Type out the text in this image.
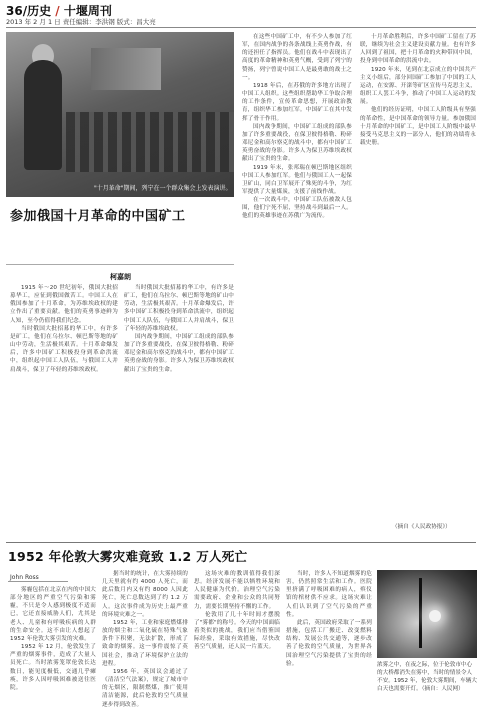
36/历史 / 十堰周刊
2013 年 2 月 1 日 责任编辑：李洪钢 版式：昌大亮
"十月革命"期间，列宁在一个群众集会上发表演讲。
参加俄国十月革命的中国矿工
柯嘉朗

1915 年～20 世纪初年，俄国大批招募华工，应征到俄国做苦工。中国工人在俄国参加了十月革命，为苏维埃政权的建立作出了重要贡献。他们的英勇事迹鲜为人知，至今仍值得我们纪念。

当时俄国大批招募的华工中，有许多是矿工，他们在乌拉尔、顿巴斯等地的矿山中劳动，生活极其艰苦。十月革命爆发后，许多中国矿工积极投身到革命洪流中，组织起中国工人队伍，与俄国工人并肩战斗，保卫了年轻的苏维埃政权。

当时俄国大批招募的华工中，有许多是矿工，他们在乌拉尔、顿巴斯等地的矿山中劳动，生活极其艰苦。十月革命爆发后，许多中国矿工积极投身到革命洪流中，组织起中国工人队伍，与俄国工人并肩战斗，保卫了年轻的苏维埃政权。

国内战争期间，中国矿工组成的部队参加了许多重要战役，在保卫彼得格勒、粉碎邓尼金和高尔察克的战斗中，都有中国矿工英勇奋战的身影。许多人为保卫苏维埃政权献出了宝贵的生命。

在这些中国矿工中，有不少人参加了红军，在国内战争的各条战线上英勇作战，有的还担任了指挥员。他们在战斗中表现出了高度的革命精神和英勇气概，受到了列宁的赞扬，列宁曾说中国工人是最勇敢的战士之一。

1918 年后，在苏俄的许多地方出现了中国工人组织。这些组织帮助华工争取合理的工作条件，宣传革命思想，开展政治教育，组织华工参加红军。中国矿工在其中发挥了骨干作用。

国内战争期间，中国矿工组成的部队参加了许多重要战役，在保卫彼得格勒、粉碎邓尼金和高尔察克的战斗中，都有中国矿工英勇奋战的身影。许多人为保卫苏维埃政权献出了宝贵的生命。

1919 年末，张邦瑞在顿巴斯地区组织中国工人参加红军。他们与俄国工人一起保卫矿山，同白卫军展开了殊死的斗争，为红军提供了大量煤炭，支援了前线作战。

在一次战斗中，中国矿工队伍被敌人包围，他们宁死不屈，坚持战斗到最后一人。他们的英雄事迹在苏俄广为流传。

十月革命胜利后，许多中国矿工留在了苏联，继续为社会主义建设贡献力量。也有许多人回到了祖国，把十月革命的火种带回中国，投身到中国革命的洪流中去。

1920 年末，见到在北京成立的中国共产主义小组后，部分回国矿工参加了中国的工人运动，在安源、开滦等矿区宣传马克思主义，组织工人罢工斗争，推动了中国工人运动的发展。

他们的经历证明，中国工人阶级具有坚强的革命性，是中国革命的领导力量。参加俄国十月革命的中国矿工，是中国工人阶级中最早接受马克思主义的一部分人，他们的功绩将永载史册。

（摘自《人民政协报》）
1952 年伦敦大雾灾难竟致 1.2 万人死亡
John Ross

雾霾包括在北京在内的中国大部分地区的严重空气污染和雾霾，不只是令人感到极度不适而已，它还直接威胁人们，尤其是老人、儿童和有呼吸疾病的人群的生命安全。这不由让人想起了 1952 年伦敦大雾引发的灾难。

1952 年 12 月，伦敦发生了严重的烟雾事件，造成了大量人员死亡。当时浓雾笼罩伦敦长达数日，能见度极低，交通几乎瘫痪，许多人因呼吸困难被送往医院。

据当时的统计，在大雾持续的几天里就有约 4000 人死亡，而此后数月内又有约 8000 人因此死亡，死亡总数达到了约 1.2 万人。这次事件成为历史上最严重的环境灾难之一。

1952 年，工业和家庭燃煤排放的烟尘和二氧化硫在特殊气象条件下积聚，无法扩散，形成了致命的烟雾。这一事件震惊了英国社会，推动了环境保护立法的进程。

1956 年，英国议会通过了《清洁空气法案》，规定了城市中的无烟区，限制燃煤，推广使用清洁能源，此后伦敦的空气质量逐步得到改善。

这场灾难的教训值得我们深思。经济发展不能以牺牲环境和人民健康为代价。治理空气污染需要政府、企业和公众的共同努力，需要长期坚持不懈的工作。

伦敦用了几十年时间才摆脱了"雾都"的称号。今天的中国面临着类似的挑战，我们应当借鉴国际经验，采取有效措施，尽快改善空气质量，还人民一片蓝天。

当时，许多人不知道烟雾的危害，仍然照常生活和工作。医院里挤满了呼吸困难的病人，殡仪馆的棺材供不应求。这场灾难让人们认识到了空气污染的严重性。

此后，英国政府采取了一系列措施，包括工厂搬迁、改变燃料结构、发展公共交通等，逐步改善了伦敦的空气质量，为世界各国治理空气污染提供了宝贵的经验。	浓雾之中，在夜之际，位于伦敦市中心的大桥都消失在雾中，当时的情景令人不安。1952 年，伦敦大雾期间，车辆大白天也需要开灯。（摘自：人民网）
